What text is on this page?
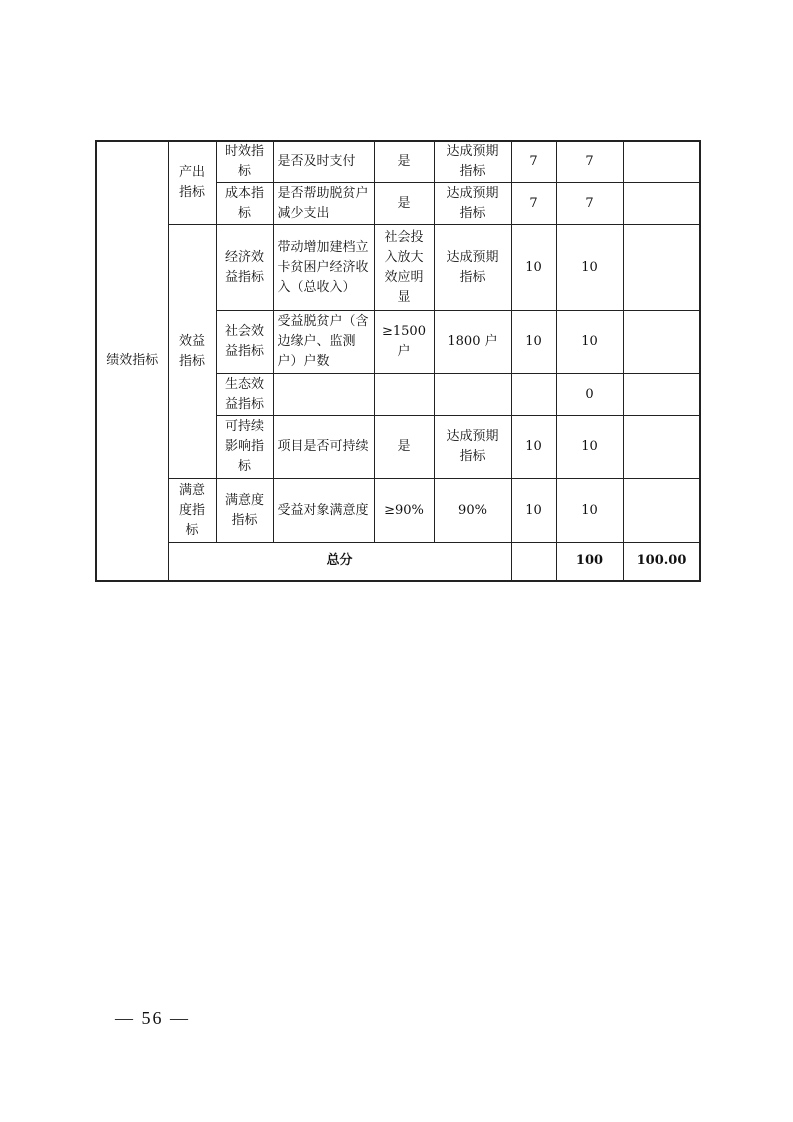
绩效指标	产出指标	时效指标	是否及时支付	是	达成预期指标	7	7		
		成本指标	是否帮助脱贫户减少支出	是	达成预期指标	7	7		
	效益指标	经济效益指标	带动增加建档立卡贫困户经济收入（总收入）	社会投入放大效应明显	达成预期指标	10	10		
		社会效益指标	受益脱贫户（含边缘户、监测户）户数	≥1500户	1800 户	10	10		
		生态效益指标					0		
		可持续影响指标	项目是否可持续	是	达成预期指标	10	10		
	满意度指标	满意度指标	受益对象满意度	≥90%	90%	10	10		
	总分						100	100.00	
— 56 —
